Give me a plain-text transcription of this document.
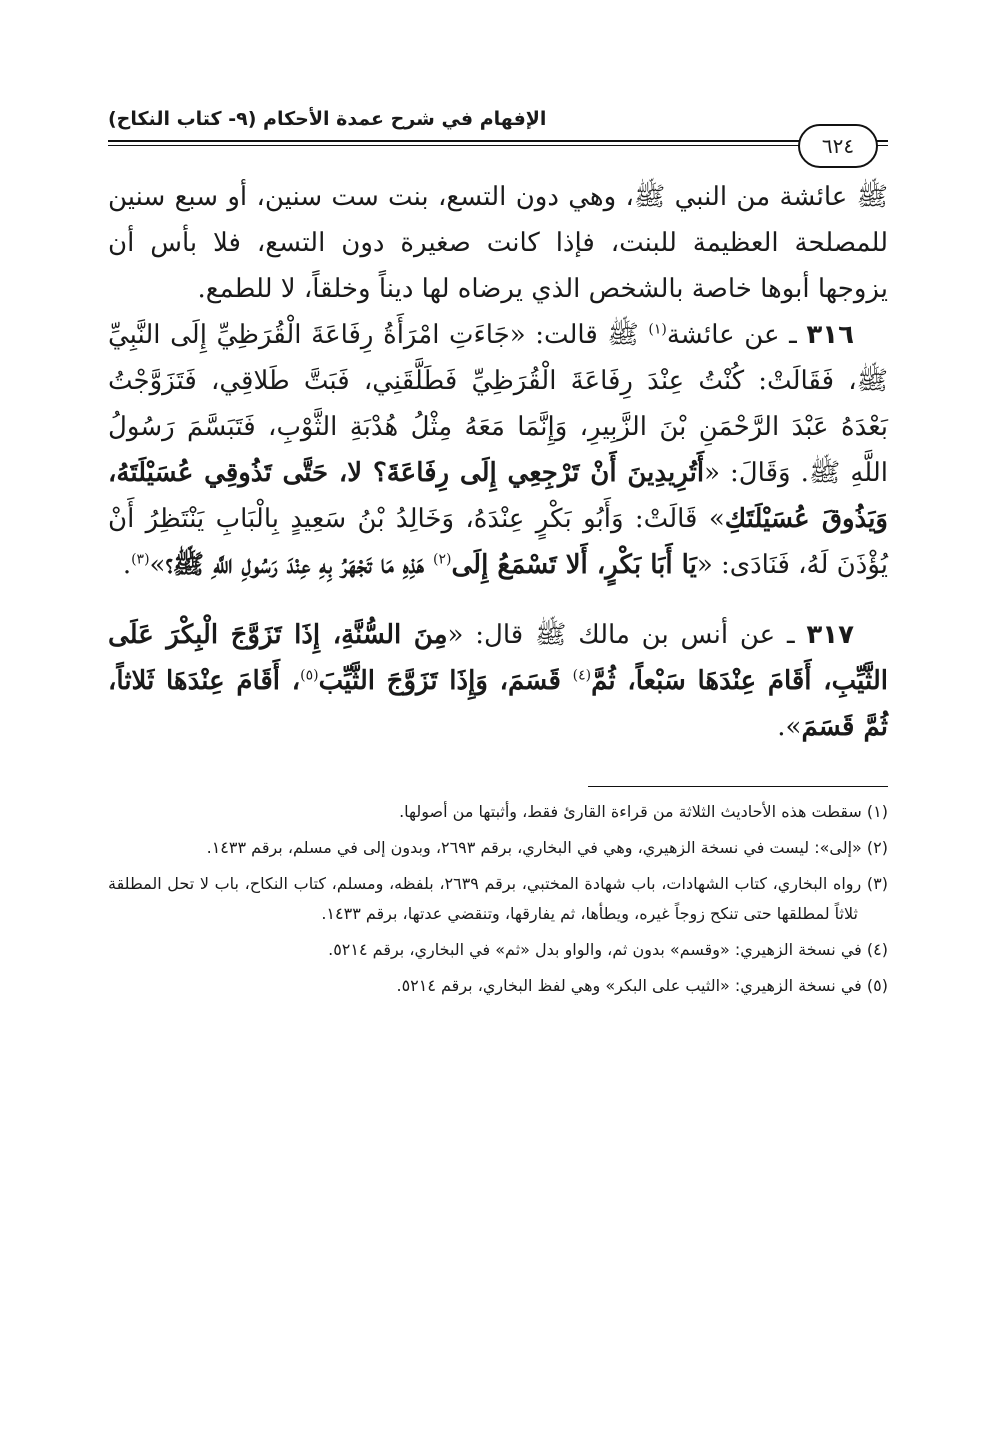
الإفهام في شرح عمدة الأحكام (٩- كتاب النكاح)
٦٢٤

ﷺ عائشة من النبي ﷺ، وهي دون التسع، بنت ست سنين، أو سبع سنين للمصلحة العظيمة للبنت، فإذا كانت صغيرة دون التسع، فلا بأس أن يزوجها أبوها خاصة بالشخص الذي يرضاه لها ديناً وخلقاً، لا للطمع.

٣١٦ ـ عن عائشة$^{(١)}$ ﷺ قالت: «جَاءَتِ امْرَأَةُ رِفَاعَةَ الْقُرَظِيِّ إِلَى النَّبِيِّ ﷺ، فَقَالَتْ: كُنْتُ عِنْدَ رِفَاعَةَ الْقُرَظِيِّ فَطَلَّقَنِي، فَبَتَّ طَلاقِي، فَتَزَوَّجْتُ بَعْدَهُ عَبْدَ الرَّحْمَنِ بْنَ الزَّبِيرِ، وَإِنَّمَا مَعَهُ مِثْلُ هُدْبَةِ الثَّوْبِ، فَتَبَسَّمَ رَسُولُ اللَّهِ ﷺ. وَقَالَ: «أَتُرِيدِينَ أَنْ تَرْجِعِي إِلَى رِفَاعَةَ؟ لا، حَتَّى تَذُوقِي عُسَيْلَتَهُ، وَيَذُوقَ عُسَيْلَتَكِ» قَالَتْ: وَأَبُو بَكْرٍ عِنْدَهُ، وَخَالِدُ بْنُ سَعِيدٍ بِالْبَابِ يَنْتَظِرُ أَنْ يُؤْذَنَ لَهُ، فَنَادَى: «يَا أَبَا بَكْرٍ، أَلا تَسْمَعُ إِلَى$^{(٢)}$ هَذِهِ مَا تَجْهَرُ بِهِ عِنْدَ رَسُولِ اللَّهِ ﷺ؟»$^{(٣)}$.

٣١٧ ـ عن أنس بن مالك ﷺ قال: «مِنَ السُّنَّةِ، إِذَا تَزَوَّجَ الْبِكْرَ عَلَى الثَّيِّبِ، أَقَامَ عِنْدَهَا سَبْعاً، ثُمَّ$^{(٤)}$ قَسَمَ، وَإِذَا تَزَوَّجَ الثَّيِّبَ$^{(٥)}$، أَقَامَ عِنْدَهَا ثَلاثاً، ثُمَّ قَسَمَ».

(١) سقطت هذه الأحاديث الثلاثة من قراءة القارئ فقط، وأثبتها من أصولها.

(٢) «إلى»: ليست في نسخة الزهيري، وهي في البخاري، برقم ٢٦٩٣، وبدون إلى في مسلم، برقم ١٤٣٣.

(٣) رواه البخاري، كتاب الشهادات، باب شهادة المختبي، برقم ٢٦٣٩، بلفظه، ومسلم، كتاب النكاح، باب لا تحل المطلقة ثلاثاً لمطلقها حتى تنكح زوجاً غيره، ويطأها، ثم يفارقها، وتنقضي عدتها، برقم ١٤٣٣.

(٤) في نسخة الزهيري: «وقسم» بدون ثم، والواو بدل «ثم» في البخاري، برقم ٥٢١٤.

(٥) في نسخة الزهيري: «الثيب على البكر» وهي لفظ البخاري، برقم ٥٢١٤.
